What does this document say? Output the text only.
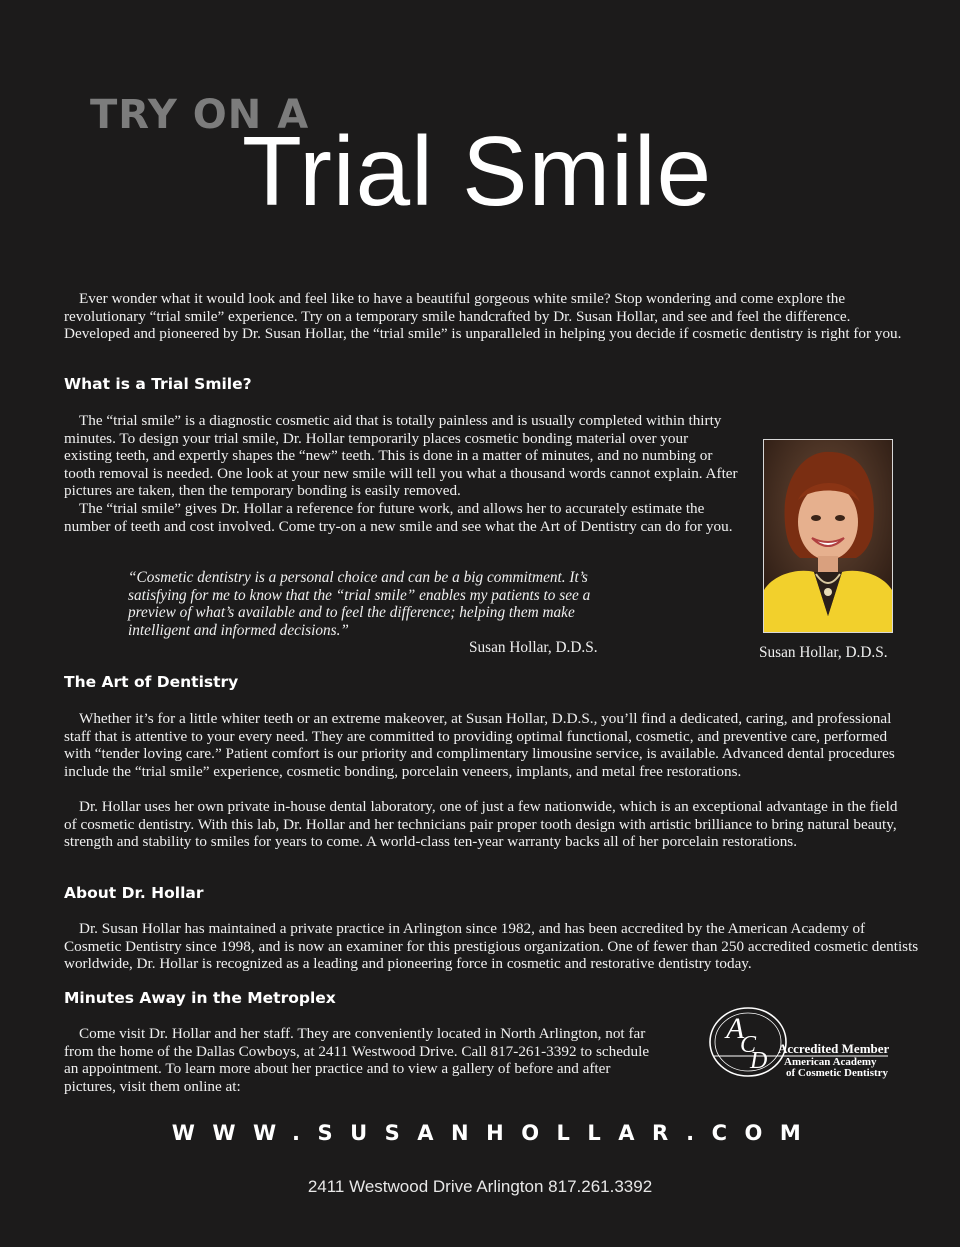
TRY ON A
Trial Smile

Ever wonder what it would look and feel like to have a beautiful gorgeous white smile? Stop wondering and come explore the revolutionary “trial smile” experience. Try on a temporary smile handcrafted by Dr. Susan Hollar, and see and feel the difference. Developed and pioneered by Dr. Susan Hollar, the “trial smile” is unparalleled in helping you decide if cosmetic dentistry is right for you.

What is a Trial Smile?

The “trial smile” is a diagnostic cosmetic aid that is totally painless and is usually completed within thirty minutes. To design your trial smile, Dr. Hollar temporarily places cosmetic bonding material over your existing teeth, and expertly shapes the “new” teeth. This is done in a matter of minutes, and no numbing or tooth removal is needed. One look at your new smile will tell you what a thousand words cannot explain. After pictures are taken, then the temporary bonding is easily removed.

The “trial smile” gives Dr. Hollar a reference for future work, and allows her to accurately estimate the number of teeth and cost involved. Come try-on a new smile and see what the Art of Dentistry can do for you.

“Cosmetic dentistry is a personal choice and can be a big commitment. It’s satisfying for me to know that the “trial smile” enables my patients to see a preview of what’s available and to feel the difference; helping them make intelligent and informed decisions.”

Susan Hollar, D.D.S.	Susan Hollar, D.D.S.

The Art of Dentistry

Whether it’s for a little whiter teeth or an extreme makeover, at Susan Hollar, D.D.S., you’ll find a dedicated, caring, and professional staff that is attentive to your every need. They are committed to providing optimal functional, cosmetic, and preventive care, performed with “tender loving care.” Patient comfort is our priority and complimentary limousine service, is available. Advanced dental procedures include the “trial smile” experience, cosmetic bonding, porcelain veneers, implants, and metal free restorations.

Dr. Hollar uses her own private in-house dental laboratory, one of just a few nationwide, which is an exceptional advantage in the field of cosmetic dentistry. With this lab, Dr. Hollar and her technicians pair proper tooth design with artistic brilliance to bring natural beauty, strength and stability to smiles for years to come. A world-class ten-year warranty backs all of her porcelain restorations.

About Dr. Hollar

Dr. Susan Hollar has maintained a private practice in Arlington since 1982, and has been accredited by the American Academy of Cosmetic Dentistry since 1998, and is now an examiner for this prestigious organization. One of fewer than 250 accredited cosmetic dentists worldwide, Dr. Hollar is recognized as a leading and pioneering force in cosmetic and restorative dentistry today.

Minutes Away in the Metroplex

Come visit Dr. Hollar and her staff. They are conveniently located in North Arlington, not far from the home of the Dallas Cowboys, at 2411 Westwood Drive. Call 817-261-3392 to schedule an appointment. To learn more about her practice and to view a gallery of before and after pictures, visit them online at:

A
C
D Accredited Member
American Academy
of Cosmetic Dentistry

WWW.SUSANHOLLAR.COM

2411 Westwood Drive Arlington 817.261.3392
